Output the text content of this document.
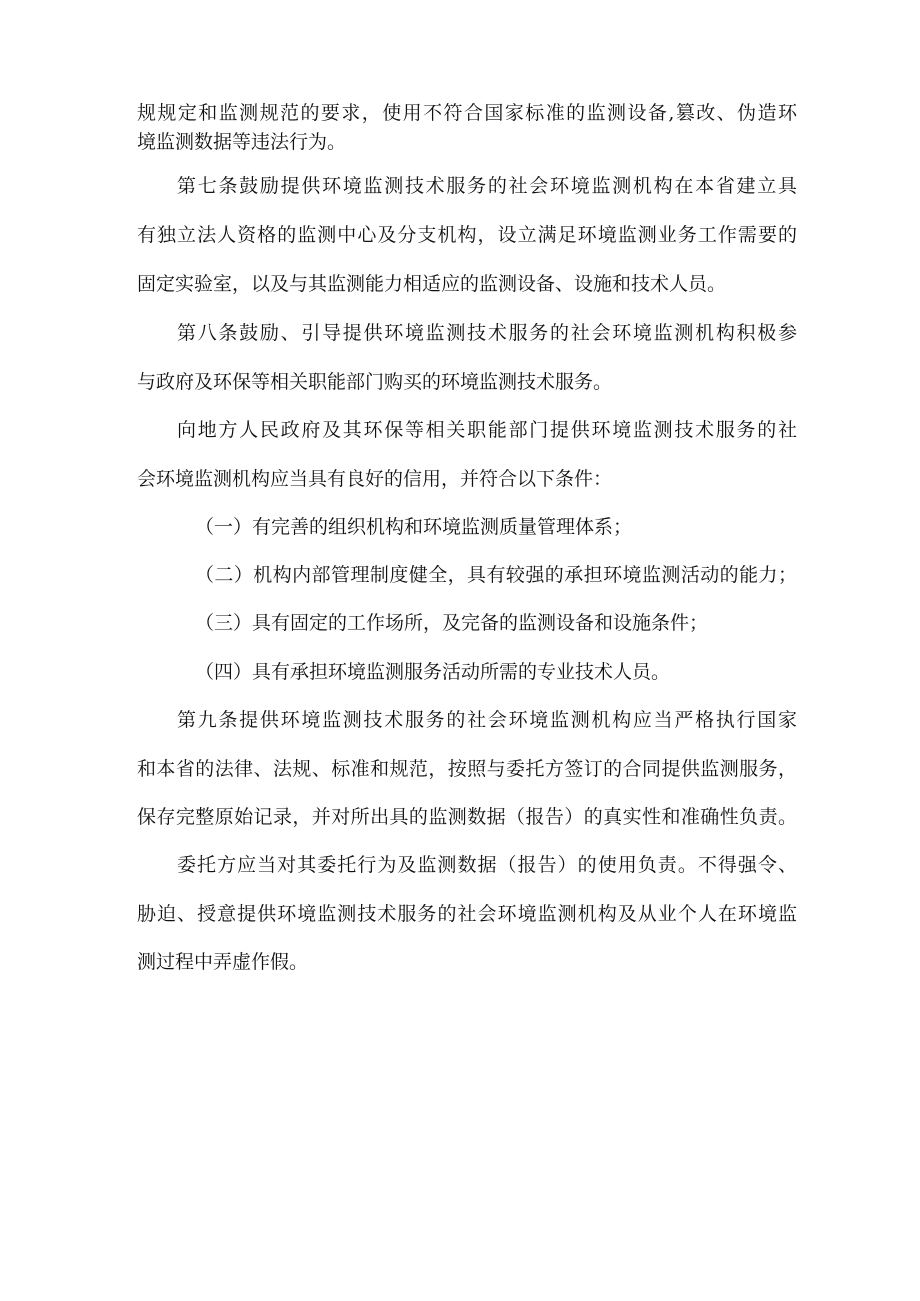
规规定和监测规范的要求，使用不符合国家标准的监测设备,篡改、伪造环

境监测数据等违法行为。

第七条鼓励提供环境监测技术服务的社会环境监测机构在本省建立具

有独立法人资格的监测中心及分支机构，设立满足环境监测业务工作需要的

固定实验室，以及与其监测能力相适应的监测设备、设施和技术人员。

第八条鼓励、引导提供环境监测技术服务的社会环境监测机构积极参

与政府及环保等相关职能部门购买的环境监测技术服务。

向地方人民政府及其环保等相关职能部门提供环境监测技术服务的社

会环境监测机构应当具有良好的信用，并符合以下条件：

（一）有完善的组织机构和环境监测质量管理体系；

（二）机构内部管理制度健全，具有较强的承担环境监测活动的能力；

（三）具有固定的工作场所，及完备的监测设备和设施条件；

（四）具有承担环境监测服务活动所需的专业技术人员。

第九条提供环境监测技术服务的社会环境监测机构应当严格执行国家

和本省的法律、法规、标准和规范，按照与委托方签订的合同提供监测服务，

保存完整原始记录，并对所出具的监测数据（报告）的真实性和准确性负责。

委托方应当对其委托行为及监测数据（报告）的使用负责。不得强令、

胁迫、授意提供环境监测技术服务的社会环境监测机构及从业个人在环境监

测过程中弄虚作假。
